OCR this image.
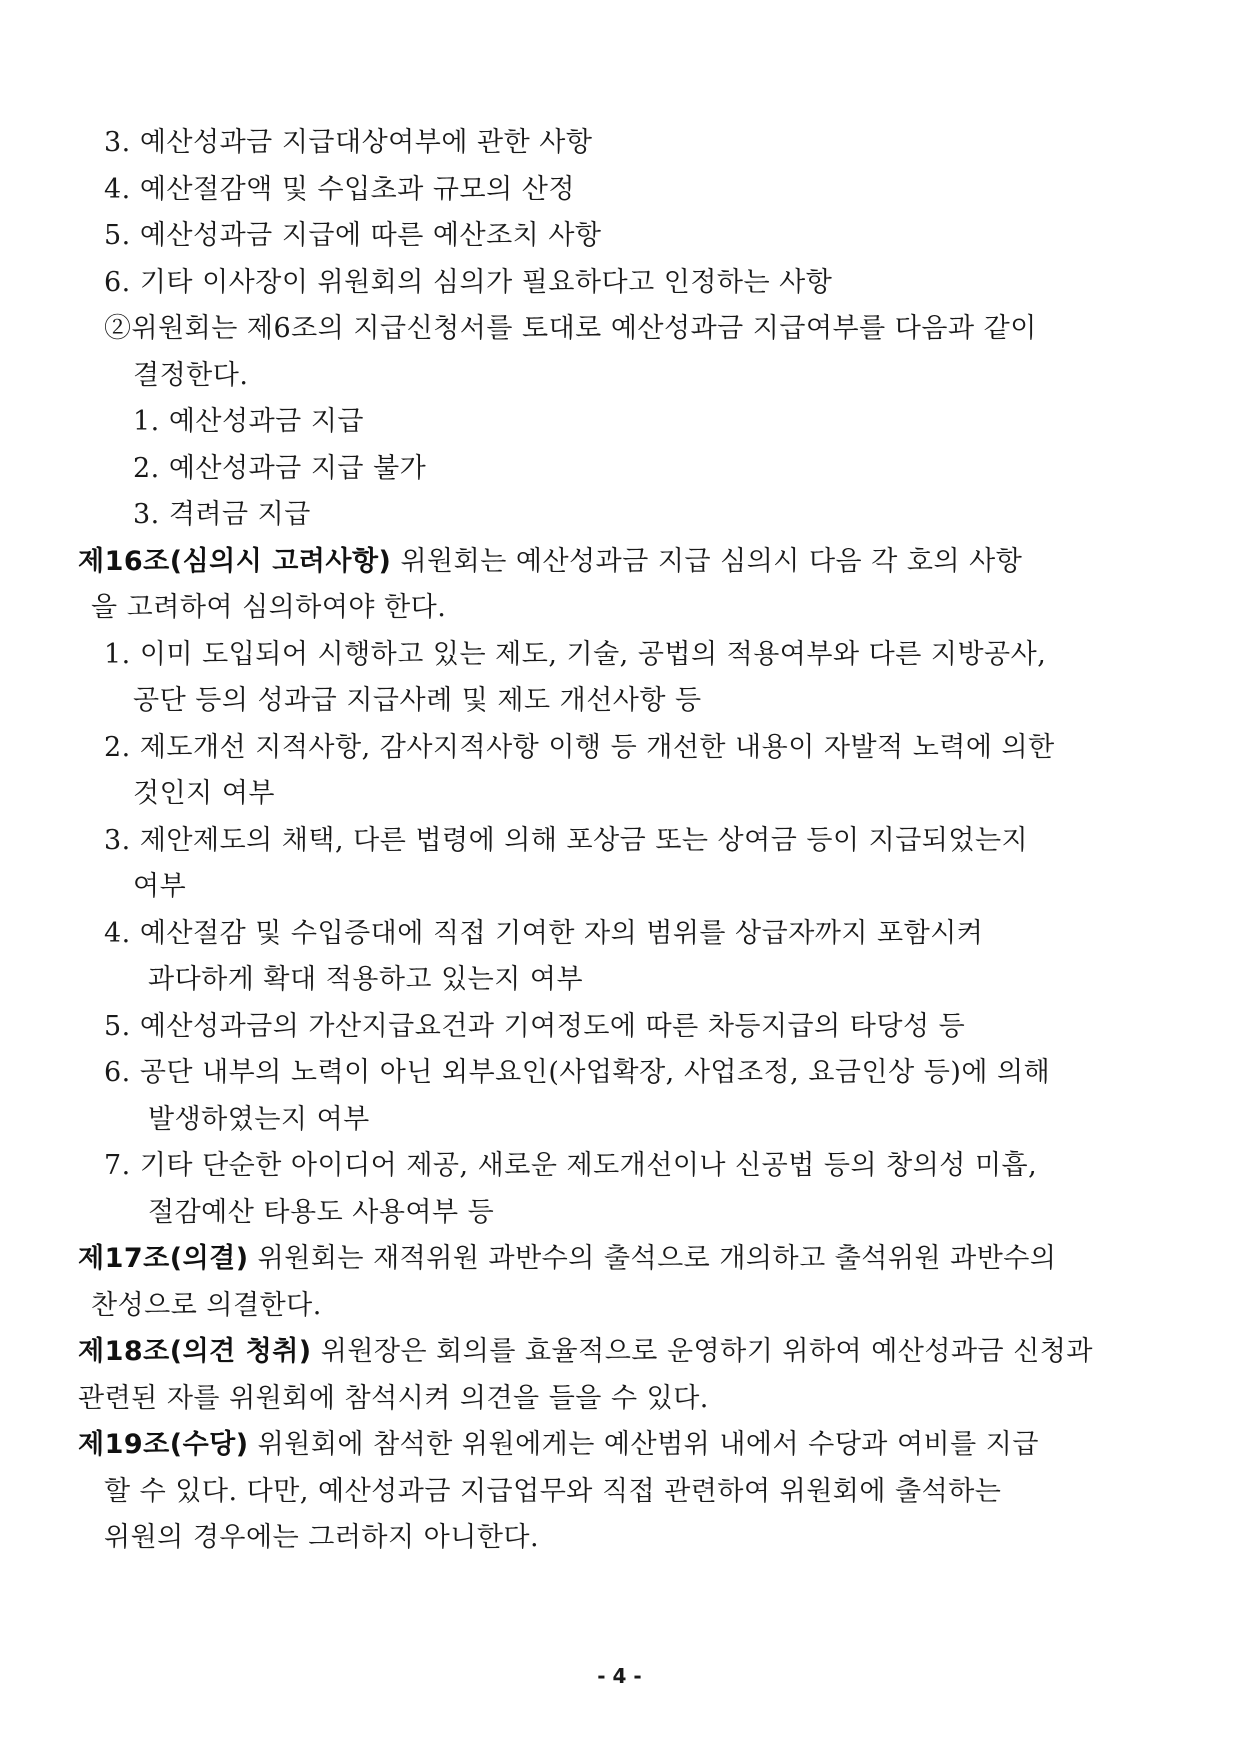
3. 예산성과금 지급대상여부에 관한 사항
4. 예산절감액 및 수입초과 규모의 산정
5. 예산성과금 지급에 따른 예산조치 사항
6. 기타 이사장이 위원회의 심의가 필요하다고 인정하는 사항
②위원회는 제6조의 지급신청서를 토대로 예산성과금 지급여부를 다음과 같이
결정한다.
1. 예산성과금 지급
2. 예산성과금 지급 불가
3. 격려금 지급
제16조(심의시 고려사항) 위원회는 예산성과금 지급 심의시 다음 각 호의 사항
을 고려하여 심의하여야 한다.
1. 이미 도입되어 시행하고 있는 제도, 기술, 공법의 적용여부와 다른 지방공사,
공단 등의 성과급 지급사례 및 제도 개선사항 등
2. 제도개선 지적사항, 감사지적사항 이행 등 개선한 내용이 자발적 노력에 의한
것인지 여부
3. 제안제도의 채택, 다른 법령에 의해 포상금 또는 상여금 등이 지급되었는지
여부
4. 예산절감 및 수입증대에 직접 기여한 자의 범위를 상급자까지 포함시켜
과다하게 확대 적용하고 있는지 여부
5. 예산성과금의 가산지급요건과 기여정도에 따른 차등지급의 타당성 등
6. 공단 내부의 노력이 아닌 외부요인(사업확장, 사업조정, 요금인상 등)에 의해
발생하였는지 여부
7. 기타 단순한 아이디어 제공, 새로운 제도개선이나 신공법 등의 창의성 미흡,
절감예산 타용도 사용여부 등
제17조(의결) 위원회는 재적위원 과반수의 출석으로 개의하고 출석위원 과반수의
찬성으로 의결한다.
제18조(의견 청취) 위원장은 회의를 효율적으로 운영하기 위하여 예산성과금 신청과
관련된 자를 위원회에 참석시켜 의견을 들을 수 있다.
제19조(수당) 위원회에 참석한 위원에게는 예산범위 내에서 수당과 여비를 지급
할 수 있다. 다만, 예산성과금 지급업무와 직접 관련하여 위원회에 출석하는
위원의 경우에는 그러하지 아니한다.
- 4 -
